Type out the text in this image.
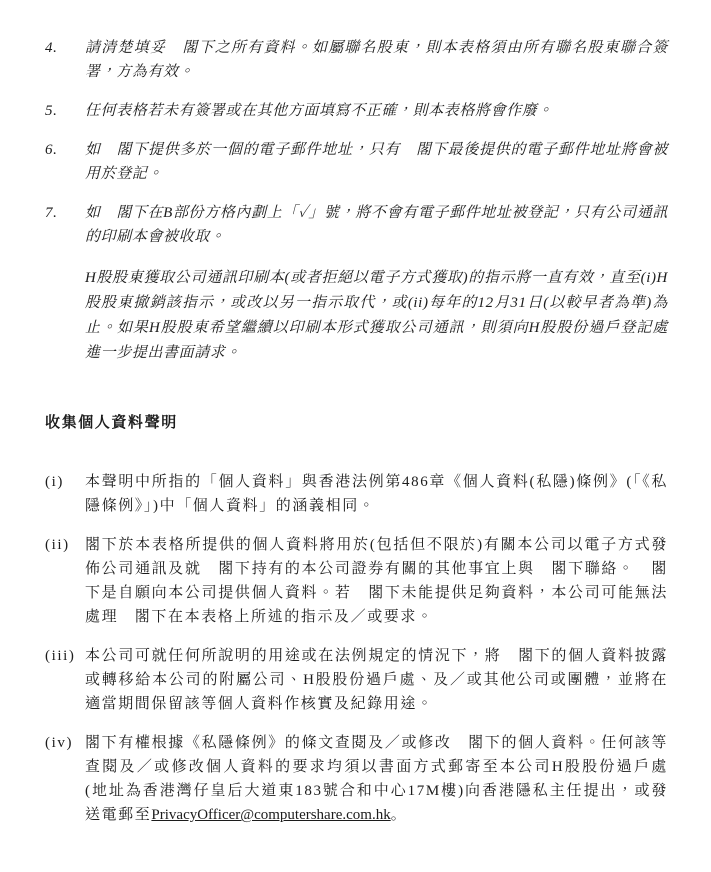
4.	請清楚填妥　閣下之所有資料。如屬聯名股東，則本表格須由所有聯名股東聯合簽署，方為有效。
5.	任何表格若未有簽署或在其他方面填寫不正確，則本表格將會作廢。
6.	如　閣下提供多於一個的電子郵件地址，只有　閣下最後提供的電子郵件地址將會被用於登記。
7.	如　閣下在B部份方格內劃上「✓」號，將不會有電子郵件地址被登記，只有公司通訊的印刷本會被收取。

H股股東獲取公司通訊印刷本(或者拒絕以電子方式獲取)的指示將一直有效，直至(i)H股股東撤銷該指示，或改以另一指示取代，或(ii)每年的12月31日(以較早者為準)為止。如果H股股東希望繼續以印刷本形式獲取公司通訊，則須向H股股份過戶登記處進一步提出書面請求。

收集個人資料聲明
(i)	本聲明中所指的「個人資料」與香港法例第486章《個人資料(私隱)條例》(「《私隱條例》」)中「個人資料」的涵義相同。
(ii)	閣下於本表格所提供的個人資料將用於(包括但不限於)有關本公司以電子方式發佈公司通訊及就　閣下持有的本公司證券有關的其他事宜上與　閣下聯絡。　閣下是自願向本公司提供個人資料。若　閣下未能提供足夠資料，本公司可能無法處理　閣下在本表格上所述的指示及／或要求。
(iii) 本公司可就任何所說明的用途或在法例規定的情況下，將　閣下的個人資料披露或轉移給本公司的附屬公司、H股股份過戶處、及／或其他公司或團體，並將在適當期間保留該等個人資料作核實及紀錄用途。
(iv) 閣下有權根據《私隱條例》的條文查閱及／或修改　閣下的個人資料。任何該等查閱及／或修改個人資料的要求均須以書面方式郵寄至本公司H股股份過戶處(地址為香港灣仔皇后大道東183號合和中心17M樓)向香港隱私主任提出，或發送電郵至PrivacyOfficer@computershare.com.hk。
